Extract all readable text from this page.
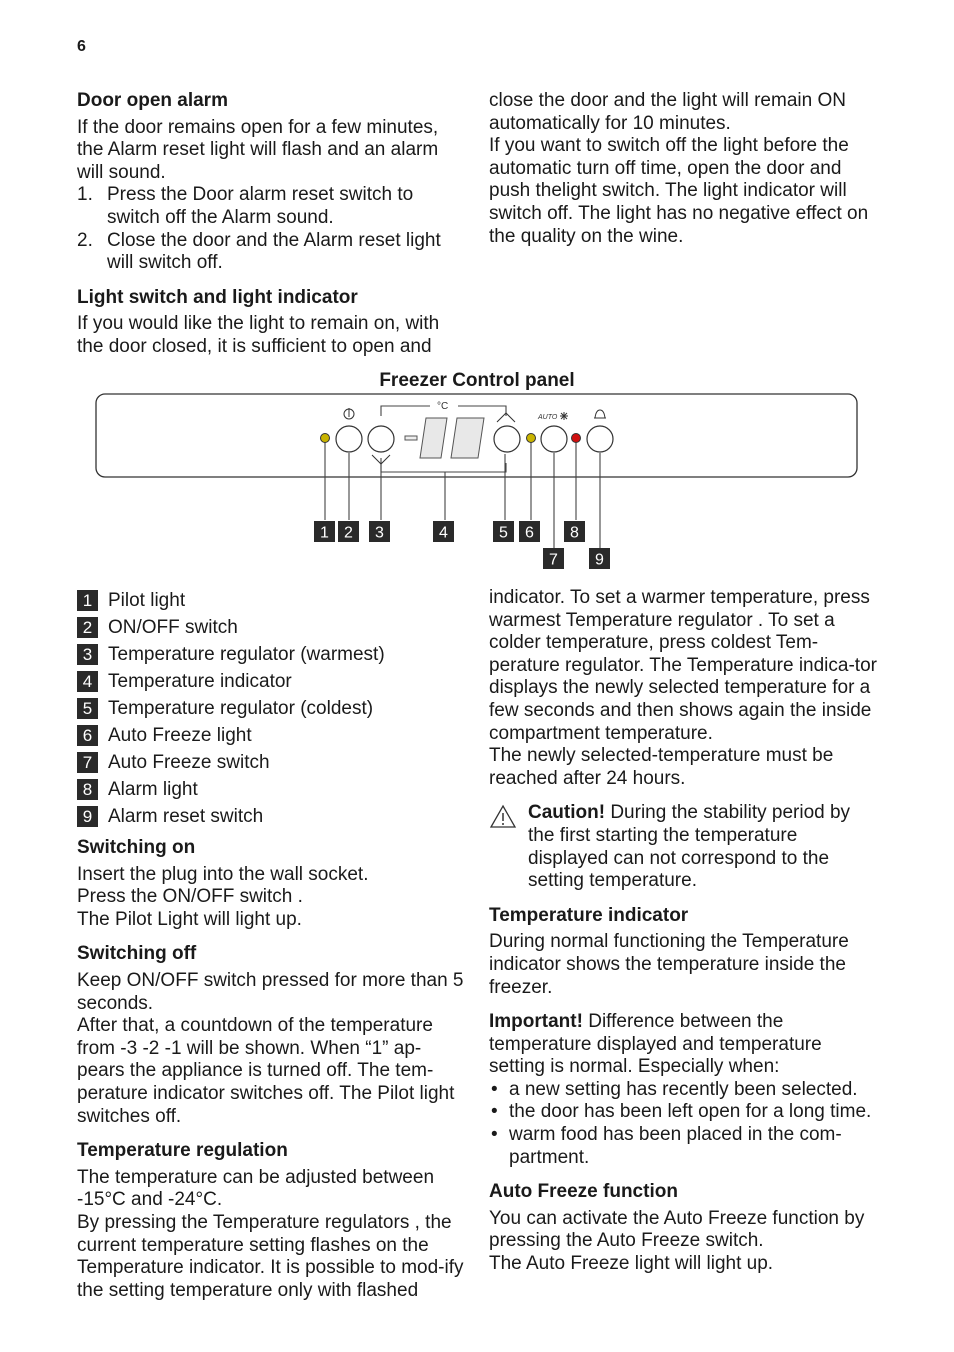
6

Door open alarm

If the door remains open for a few minutes, the Alarm reset light will flash and an alarm will sound.

1. Press the Door alarm reset switch to switch off the Alarm sound.
2. Close the door and the Alarm reset light will switch off.

Light switch and light indicator

If you would like the light to remain on, with the door closed, it is sufficient to open and

close the door and the light will remain ON automatically for 10 minutes.

If you want to switch off the light before the automatic turn off time, open the door and push thelight switch. The light indicator will switch off. The light has no negative effect on the quality on the wine.

Freezer Control panel
°C
AUTO
1 2 3	4	5 6
7
8
9
1 Pilot light
2 ON/OFF switch
3 Temperature regulator (warmest)
4 Temperature indicator
5 Temperature regulator (coldest)
6 Auto Freeze light
7 Auto Freeze switch
8 Alarm light
9 Alarm reset switch

Switching on

Insert the plug into the wall socket.

Press the ON/OFF switch .

The Pilot Light will light up.

Switching off

Keep ON/OFF switch pressed for more than 5 seconds.

After that, a countdown of the temperature from -3 -2 -1 will be shown. When “1” ap-pears the appliance is turned off. The tem-perature indicator switches off. The Pilot light switches off.

Temperature regulation

The temperature can be adjusted between -15°C and -24°C.

By pressing the Temperature regulators , the current temperature setting flashes on the Temperature indicator. It is possible to mod-ify the setting temperature only with flashed

indicator. To set a warmer temperature, press warmest Temperature regulator . To set a colder temperature, press coldest Tem-perature regulator. The Temperature indica-tor displays the newly selected temperature for a few seconds and then shows again the inside compartment temperature.

The newly selected-temperature must be reached after 24 hours.

Caution! During the stability period by the first starting the temperature displayed can not correspond to the setting temperature.

Temperature indicator

During normal functioning the Temperature indicator shows the temperature inside the freezer.

Important! Difference between the temperature displayed and temperature setting is normal. Especially when:

• a new setting has recently been selected.
• the door has been left open for a long time.
• warm food has been placed in the com-partment.

Auto Freeze function

You can activate the Auto Freeze function by pressing the Auto Freeze switch.

The Auto Freeze light will light up.
